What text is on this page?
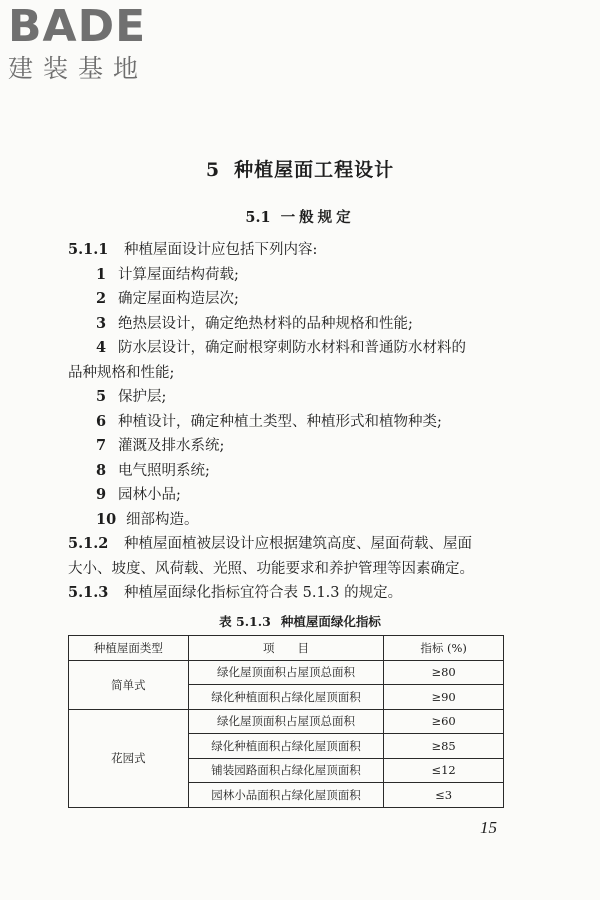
BADE
建装基地
5 种植屋面工程设计
5.1 一般规定
5.1.1 种植屋面设计应包括下列内容:
1 计算屋面结构荷载;
2 确定屋面构造层次;
3 绝热层设计，确定绝热材料的品种规格和性能;
4 防水层设计，确定耐根穿刺防水材料和普通防水材料的
品种规格和性能;
5 保护层;
6 种植设计，确定种植土类型、种植形式和植物种类;
7 灌溉及排水系统;
8 电气照明系统;
9 园林小品;
10 细部构造。
5.1.2 种植屋面植被层设计应根据建筑高度、屋面荷载、屋面
大小、坡度、风荷载、光照、功能要求和养护管理等因素确定。
5.1.3 种植屋面绿化指标宜符合表 5.1.3 的规定。
表 5.1.3 种植屋面绿化指标
种植屋面类型	项　　目	指标 (%)
简单式	绿化屋顶面积占屋顶总面积	≥80
	绿化种植面积占绿化屋顶面积	≥90
花园式	绿化屋顶面积占屋顶总面积	≥60
	绿化种植面积占绿化屋顶面积	≥85
	铺装园路面积占绿化屋顶面积	≤12
	园林小品面积占绿化屋顶面积	≤3
15
